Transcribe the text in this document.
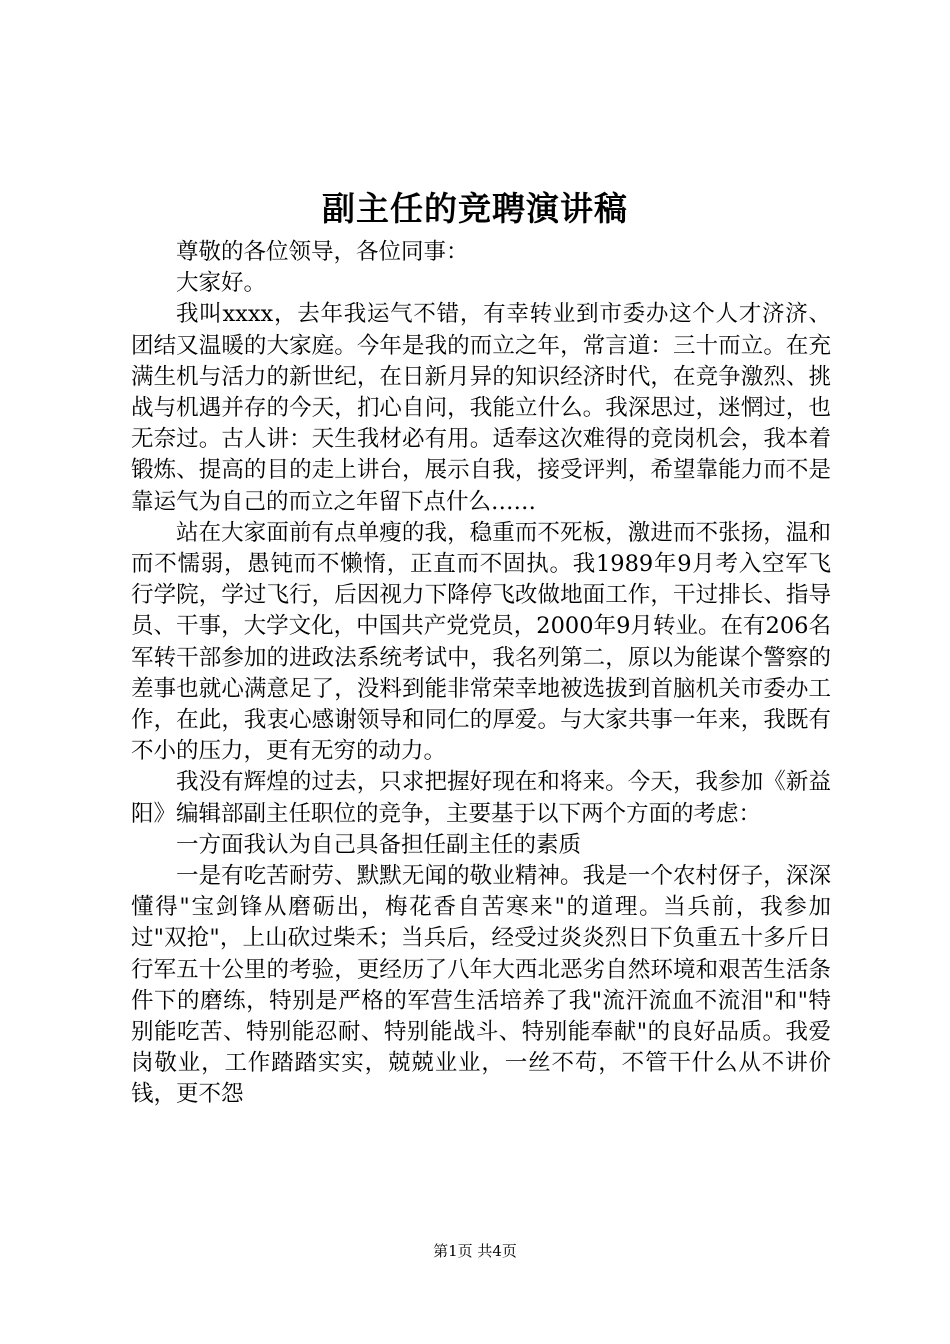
副主任的竞聘演讲稿

尊敬的各位领导，各位同事：

大家好。

我叫xxxx，去年我运气不错，有幸转业到市委办这个人才济济、团结又温暖的大家庭。今年是我的而立之年，常言道：三十而立。在充满生机与活力的新世纪，在日新月异的知识经济时代，在竞争激烈、挑战与机遇并存的今天，扪心自问，我能立什么。我深思过，迷惘过，也无奈过。古人讲：天生我材必有用。适奉这次难得的竞岗机会，我本着锻炼、提高的目的走上讲台，展示自我，接受评判，希望靠能力而不是靠运气为自己的而立之年留下点什么……

站在大家面前有点单瘦的我，稳重而不死板，激进而不张扬，温和而不懦弱，愚钝而不懒惰，正直而不固执。我1989年9月考入空军飞行学院，学过飞行，后因视力下降停飞改做地面工作，干过排长、指导员、干事，大学文化，中国共产党党员，2000年9月转业。在有206名军转干部参加的进政法系统考试中，我名列第二，原以为能谋个警察的差事也就心满意足了，没料到能非常荣幸地被选拔到首脑机关市委办工作，在此，我衷心感谢领导和同仁的厚爱。与大家共事一年来，我既有不小的压力，更有无穷的动力。

我没有辉煌的过去，只求把握好现在和将来。今天，我参加《新益阳》编辑部副主任职位的竞争，主要基于以下两个方面的考虑：

一方面我认为自己具备担任副主任的素质

一是有吃苦耐劳、默默无闻的敬业精神。我是一个农村伢子，深深懂得"宝剑锋从磨砺出，梅花香自苦寒来"的道理。当兵前，我参加过"双抢"，上山砍过柴禾；当兵后，经受过炎炎烈日下负重五十多斤日行军五十公里的考验，更经历了八年大西北恶劣自然环境和艰苦生活条件下的磨练，特别是严格的军营生活培养了我"流汗流血不流泪"和"特别能吃苦、特别能忍耐、特别能战斗、特别能奉献"的良好品质。我爱岗敬业，工作踏踏实实，兢兢业业，一丝不苟，不管干什么从不讲价钱，更不怨

第1页 共4页
